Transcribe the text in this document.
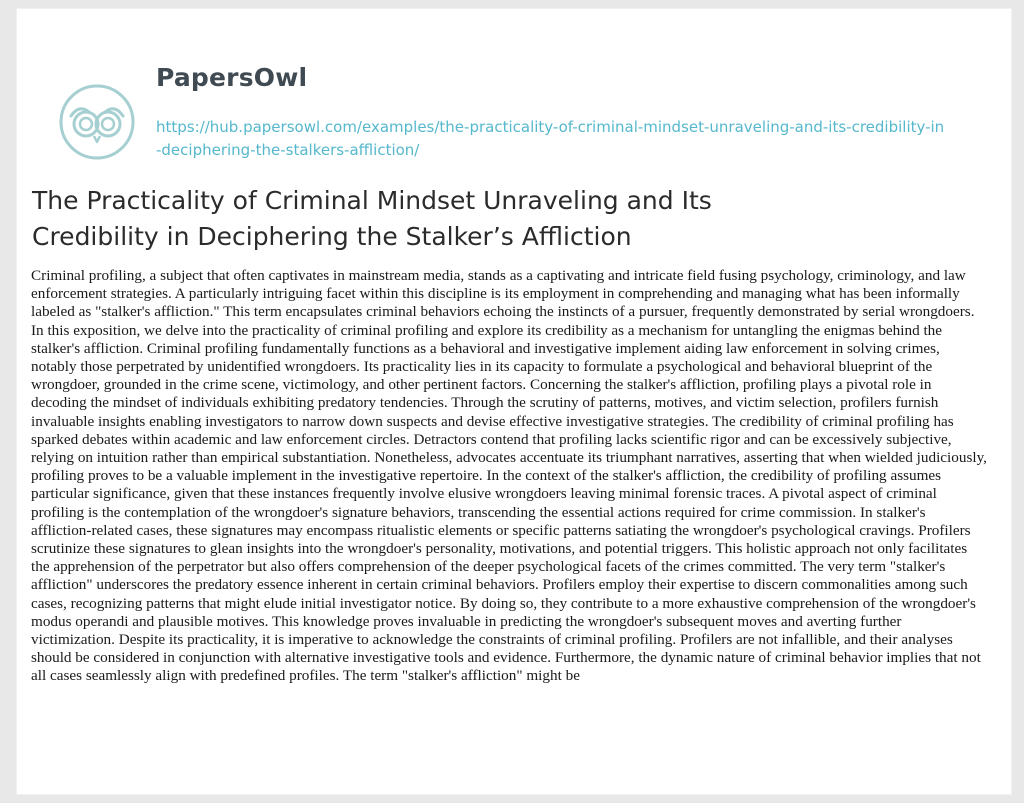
PapersOwl
https://hub.papersowl.com/examples/the-practicality-of-criminal-mindset-unraveling-and-its-credibility-in-deciphering-the-stalkers-affliction/
The Practicality of Criminal Mindset Unraveling and Its Credibility in Deciphering the Stalker’s Affliction

Criminal profiling, a subject that often captivates in mainstream media, stands as a captivating and intricate field fusing psychology, criminology, and law enforcement strategies. A particularly intriguing facet within this discipline is its employment in comprehending and managing what has been informally labeled as "stalker's affliction." This term encapsulates criminal behaviors echoing the instincts of a pursuer, frequently demonstrated by serial wrongdoers. In this exposition, we delve into the practicality of criminal profiling and explore its credibility as a mechanism for untangling the enigmas behind the stalker's affliction. Criminal profiling fundamentally functions as a behavioral and investigative implement aiding law enforcement in solving crimes, notably those perpetrated by unidentified wrongdoers. Its practicality lies in its capacity to formulate a psychological and behavioral blueprint of the wrongdoer, grounded in the crime scene, victimology, and other pertinent factors. Concerning the stalker's affliction, profiling plays a pivotal role in decoding the mindset of individuals exhibiting predatory tendencies. Through the scrutiny of patterns, motives, and victim selection, profilers furnish invaluable insights enabling investigators to narrow down suspects and devise effective investigative strategies. The credibility of criminal profiling has sparked debates within academic and law enforcement circles. Detractors contend that profiling lacks scientific rigor and can be excessively subjective, relying on intuition rather than empirical substantiation. Nonetheless, advocates accentuate its triumphant narratives, asserting that when wielded judiciously, profiling proves to be a valuable implement in the investigative repertoire. In the context of the stalker's affliction, the credibility of profiling assumes particular significance, given that these instances frequently involve elusive wrongdoers leaving minimal forensic traces. A pivotal aspect of criminal profiling is the contemplation of the wrongdoer's signature behaviors, transcending the essential actions required for crime commission. In stalker's affliction-related cases, these signatures may encompass ritualistic elements or specific patterns satiating the wrongdoer's psychological cravings. Profilers scrutinize these signatures to glean insights into the wrongdoer's personality, motivations, and potential triggers. This holistic approach not only facilitates the apprehension of the perpetrator but also offers comprehension of the deeper psychological facets of the crimes committed. The very term "stalker's affliction" underscores the predatory essence inherent in certain criminal behaviors. Profilers employ their expertise to discern commonalities among such cases, recognizing patterns that might elude initial investigator notice. By doing so, they contribute to a more exhaustive comprehension of the wrongdoer's modus operandi and plausible motives. This knowledge proves invaluable in predicting the wrongdoer's subsequent moves and averting further victimization. Despite its practicality, it is imperative to acknowledge the constraints of criminal profiling. Profilers are not infallible, and their analyses should be considered in conjunction with alternative investigative tools and evidence. Furthermore, the dynamic nature of criminal behavior implies that not all cases seamlessly align with predefined profiles. The term "stalker's affliction" might be
